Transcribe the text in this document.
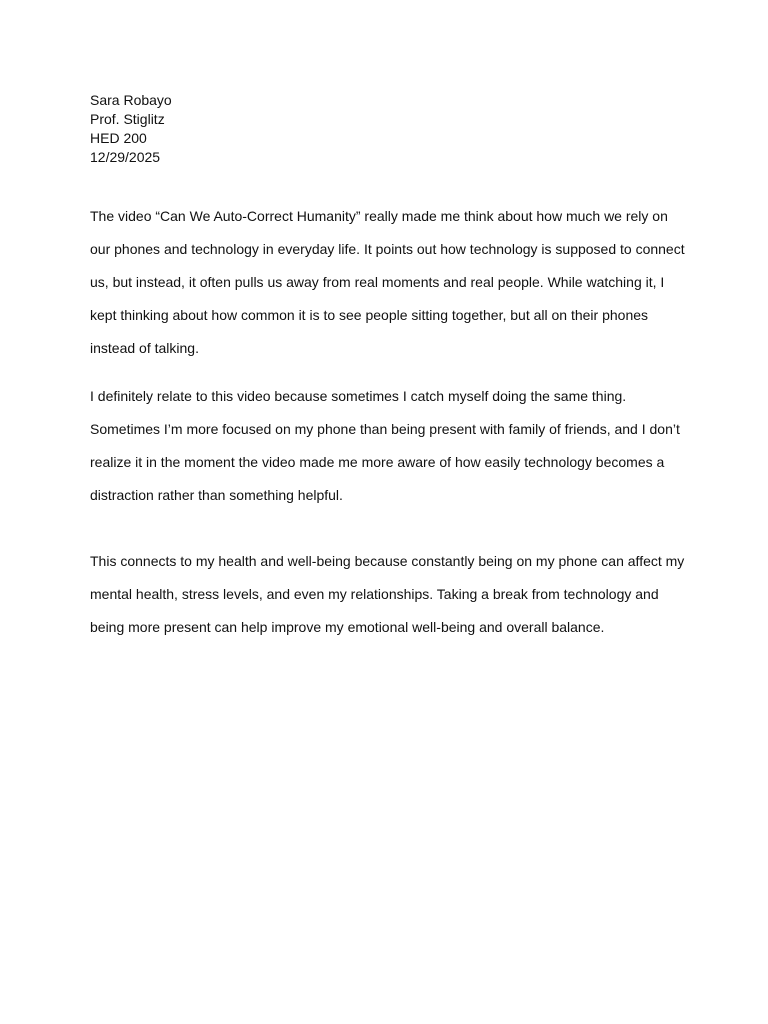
Sara Robayo
Prof. Stiglitz
HED 200
12/29/2025
The video “Can We Auto-Correct Humanity” really made me think about how much we rely on
our phones and technology in everyday life. It points out how technology is supposed to connect
us, but instead, it often pulls us away from real moments and real people. While watching it, I
kept thinking about how common it is to see people sitting together, but all on their phones
instead of talking.
I definitely relate to this video because sometimes I catch myself doing the same thing.
Sometimes I’m more focused on my phone than being present with family of friends, and I don’t
realize it in the moment the video made me more aware of how easily technology becomes a
distraction rather than something helpful.
This connects to my health and well-being because constantly being on my phone can affect my
mental health, stress levels, and even my relationships. Taking a break from technology and
being more present can help improve my emotional well-being and overall balance.
